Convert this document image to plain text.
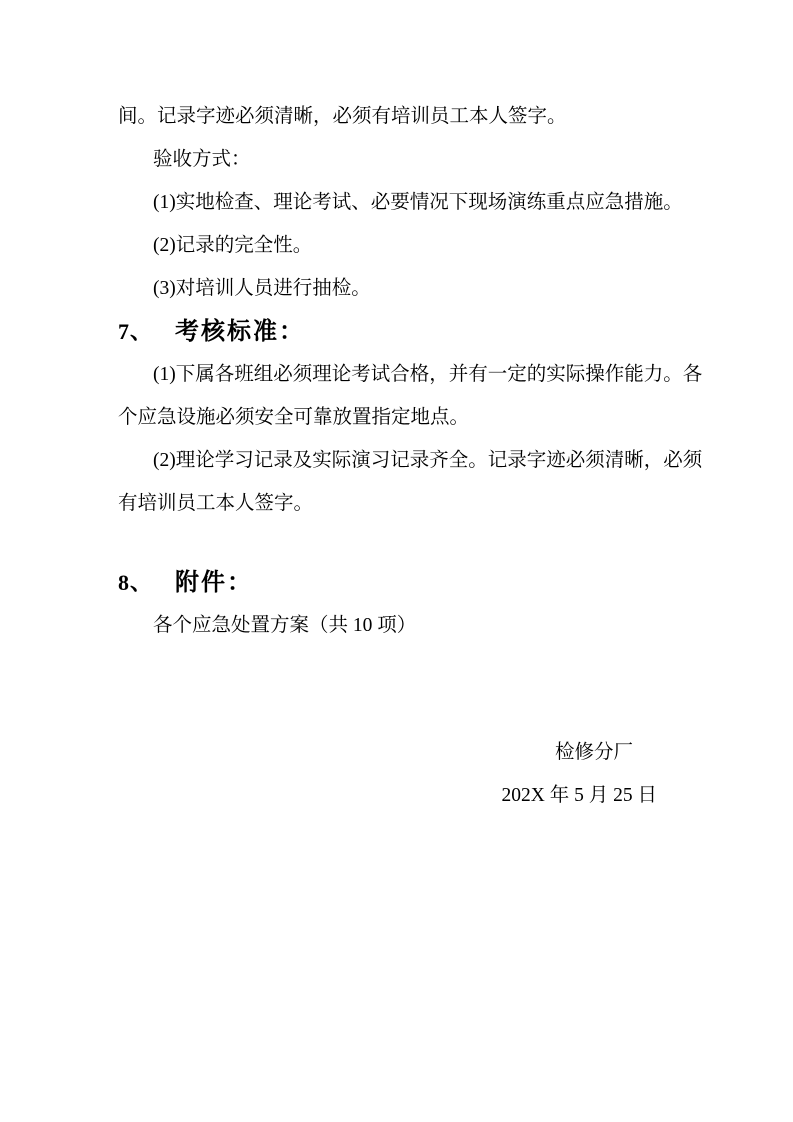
间。记录字迹必须清晰，必须有培训员工本人签字。
验收方式：
(1)实地检查、理论考试、必要情况下现场演练重点应急措施。
(2)记录的完全性。
(3)对培训人员进行抽检。
7、 考核标准：
(1)下属各班组必须理论考试合格，并有一定的实际操作能力。各
个应急设施必须安全可靠放置指定地点。
(2)理论学习记录及实际演习记录齐全。记录字迹必须清晰，必须
有培训员工本人签字。
8、 附件：
各个应急处置方案（共 10 项）
检修分厂
202X 年 5 月 25 日
